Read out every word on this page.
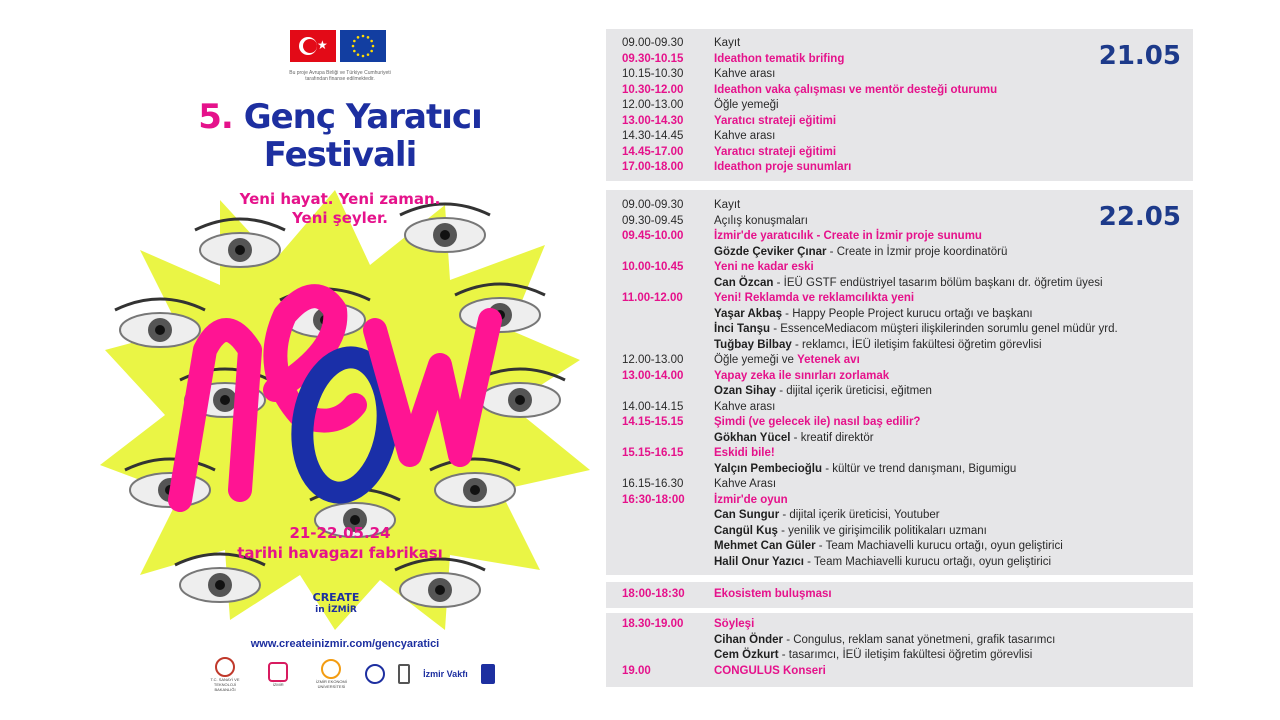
★
Bu proje Avrupa Birliği ve Türkiye Cumhuriyeti tarafından finanse edilmektedir.
5. Genç Yaratıcı
Festivali
Yeni hayat. Yeni zaman.
Yeni şeyler.
21-22.05.24
tarihi havagazı fabrikası
CREATE
in İZMİR
www.createinizmir.com/gencyaratici
T.C. SANAYİ VE TEKNOLOJİ BAKANLIĞI
İZMİR	İZMİR EKONOMİ ÜNİVERSİTESİ
İzmir Vakfı
21.05
09.00-09.30	Kayıt
09.30-10.15	Ideathon tematik brifing
10.15-10.30	Kahve arası
10.30-12.00	Ideathon vaka çalışması ve mentör desteği oturumu
12.00-13.00	Öğle yemeği
13.00-14.30	Yaratıcı strateji eğitimi
14.30-14.45	Kahve arası
14.45-17.00	Yaratıcı strateji eğitimi
17.00-18.00	Ideathon proje sunumları
22.05
09.00-09.30	Kayıt
09.30-09.45	Açılış konuşmaları
09.45-10.00	İzmir'de yaratıcılık - Create in İzmir proje sunumu
Gözde Çeviker Çınar - Create in İzmir proje koordinatörü
10.00-10.45	Yeni ne kadar eski
Can Özcan - İEÜ GSTF endüstriyel tasarım bölüm başkanı dr. öğretim üyesi
11.00-12.00	Yeni! Reklamda ve reklamcılıkta yeni
Yaşar Akbaş - Happy People Project kurucu ortağı ve başkanı
İnci Tanşu - EssenceMediacom müşteri ilişkilerinden sorumlu genel müdür yrd.
Tuğbay Bilbay - reklamcı, İEÜ iletişim fakültesi öğretim görevlisi
12.00-13.00	Öğle yemeği ve Yetenek avı
13.00-14.00	Yapay zeka ile sınırları zorlamak
Ozan Sihay - dijital içerik üreticisi, eğitmen
14.00-14.15	Kahve arası
14.15-15.15	Şimdi (ve gelecek ile) nasıl baş edilir?
Gökhan Yücel - kreatif direktör
15.15-16.15	Eskidi bile!
Yalçın Pembecioğlu - kültür ve trend danışmanı, Bigumigu
16.15-16.30	Kahve Arası
16:30-18:00	İzmir'de oyun
Can Sungur - dijital içerik üreticisi, Youtuber
Cangül Kuş - yenilik ve girişimcilik politikaları uzmanı
Mehmet Can Güler - Team Machiavelli kurucu ortağı, oyun geliştirici
Halil Onur Yazıcı - Team Machiavelli kurucu ortağı, oyun geliştirici
18:00-18:30	Ekosistem buluşması
18.30-19.00	Söyleşi
Cihan Önder - Congulus, reklam sanat yönetmeni, grafik tasarımcı
Cem Özkurt - tasarımcı, İEÜ iletişim fakültesi öğretim görevlisi
19.00	CONGULUS Konseri
